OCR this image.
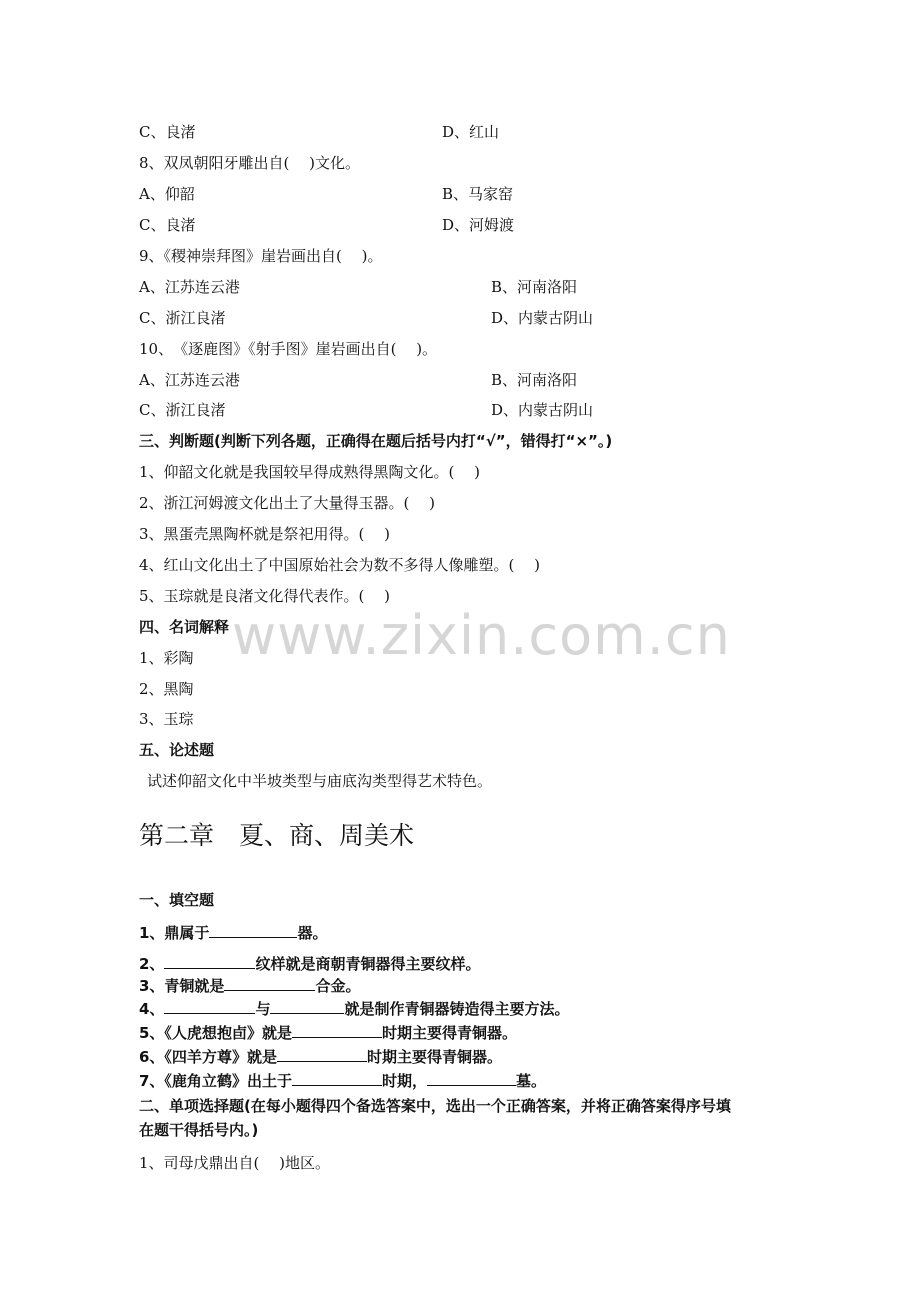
www.zixin.com.cn
C、良渚	D、红山
8、双凤朝阳牙雕出自(　 )文化。
A、仰韶	B、马家窑
C、良渚	D、河姆渡
9、《稷神崇拜图》崖岩画出自(　 )。
A、江苏连云港	B、河南洛阳
C、浙江良渚	D、内蒙古阴山
10、　《逐鹿图》《射手图》崖岩画出自(　 )。
A、江苏连云港	B、河南洛阳
C、浙江良渚	D、内蒙古阴山
三、判断题(判断下列各题，正确得在题后括号内打“√”，错得打“×”。)
1、仰韶文化就是我国较早得成熟得黑陶文化。(　 )
2、浙江河姆渡文化出土了大量得玉器。(　 )
3、黑蛋壳黑陶杯就是祭祀用得。(　 )
4、红山文化出土了中国原始社会为数不多得人像雕塑。(　 )
5、玉琮就是良渚文化得代表作。(　 )
四、名词解释
1、彩陶
2、黑陶
3、玉琮
五、论述题
试述仰韶文化中半坡类型与庙底沟类型得艺术特色。
第二章　夏、商、周美术
一、填空题
1、鼎属于	器。
2、	纹样就是商朝青铜器得主要纹样。
3、青铜就是	合金。
4、	与	就是制作青铜器铸造得主要方法。
5、《人虎想抱卣》就是	时期主要得青铜器。
6、《四羊方尊》就是	时期主要得青铜器。
7、《鹿角立鹤》出土于	时期，	墓。
二、单项选择题(在每小题得四个备选答案中，选出一个正确答案，并将正确答案得序号填
在题干得括号内。)
1、司母戊鼎出自(　 )地区。
